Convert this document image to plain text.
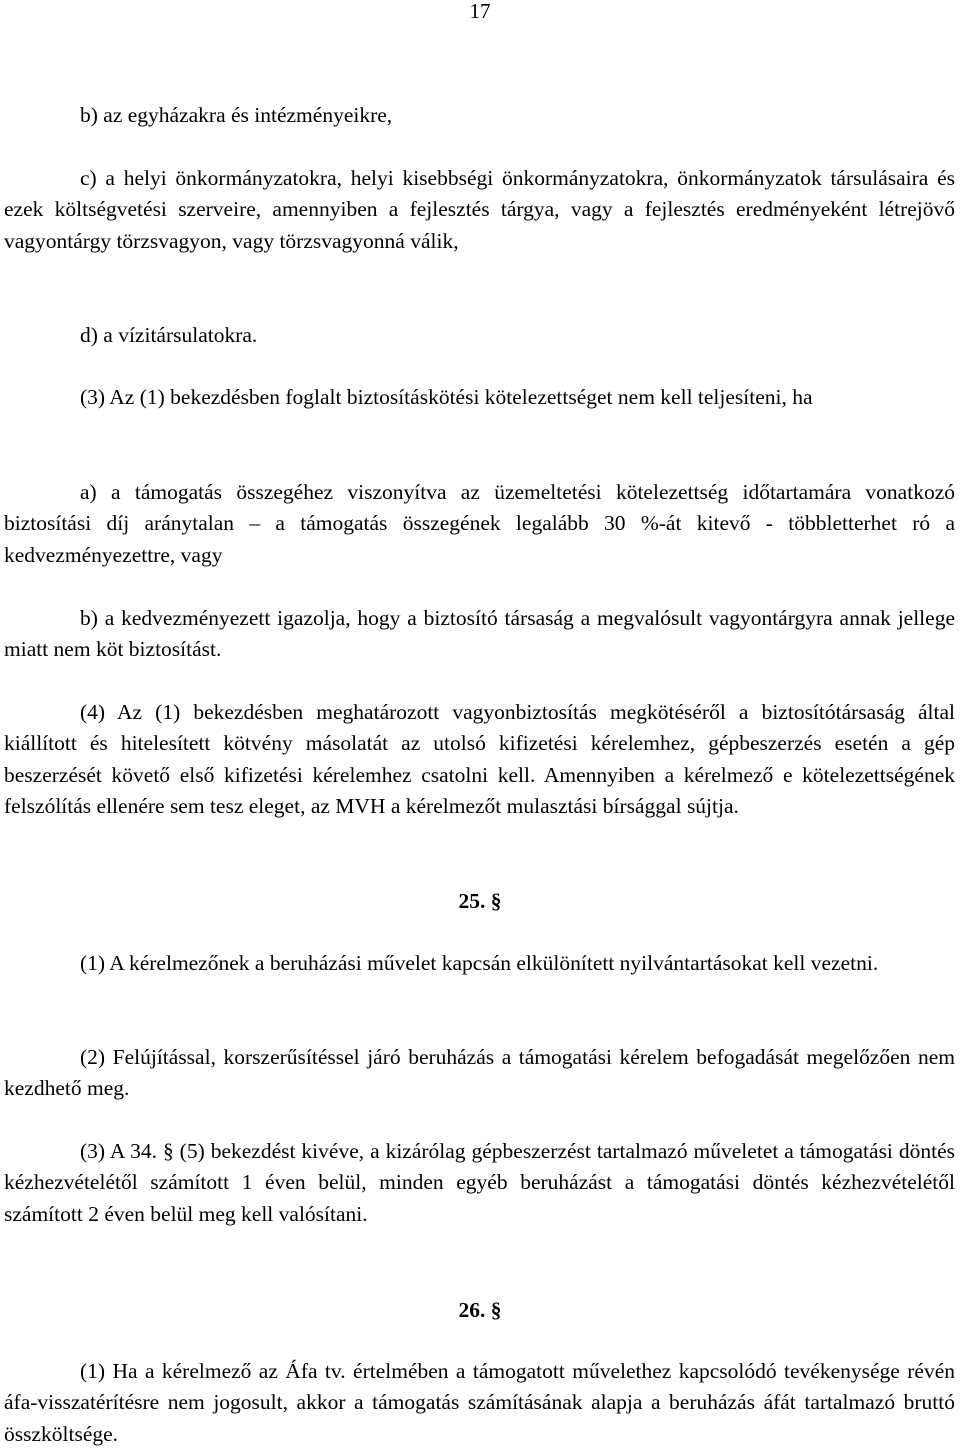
17

b) az egyházakra és intézményeikre,

c) a helyi önkormányzatokra, helyi kisebbségi önkormányzatokra, önkormányzatok társulásaira és ezek költségvetési szerveire, amennyiben a fejlesztés tárgya, vagy a fejlesztés eredményeként létrejövő vagyontárgy törzsvagyon, vagy törzsvagyonná válik,

d) a vízitársulatokra.

(3) Az (1) bekezdésben foglalt biztosításkötési kötelezettséget nem kell teljesíteni, ha

a) a támogatás összegéhez viszonyítva az üzemeltetési kötelezettség időtartamára vonatkozó biztosítási díj aránytalan – a támogatás összegének legalább 30 %-át kitevő - többletterhet ró a kedvezményezettre, vagy

b) a kedvezményezett igazolja, hogy a biztosító társaság a megvalósult vagyontárgyra annak jellege miatt nem köt biztosítást.

(4) Az (1) bekezdésben meghatározott vagyonbiztosítás megkötéséről a biztosítótársaság által kiállított és hitelesített kötvény másolatát az utolsó kifizetési kérelemhez, gépbeszerzés esetén a gép beszerzését követő első kifizetési kérelemhez csatolni kell. Amennyiben a kérelmező e kötelezettségének felszólítás ellenére sem tesz eleget, az MVH a kérelmezőt mulasztási bírsággal sújtja.

25. §

(1) A kérelmezőnek a beruházási művelet kapcsán elkülönített nyilvántartásokat kell vezetni.

(2) Felújítással, korszerűsítéssel járó beruházás a támogatási kérelem befogadását megelőzően nem kezdhető meg.

(3) A 34. § (5) bekezdést kivéve, a kizárólag gépbeszerzést tartalmazó műveletet a támogatási döntés kézhezvételétől számított 1 éven belül, minden egyéb beruházást a támogatási döntés kézhezvételétől számított 2 éven belül meg kell valósítani.

26. §

(1) Ha a kérelmező az Áfa tv. értelmében a támogatott művelethez kapcsolódó tevékenysége révén áfa-visszatérítésre nem jogosult, akkor a támogatás számításának alapja a beruházás áfát tartalmazó bruttó összköltsége.
